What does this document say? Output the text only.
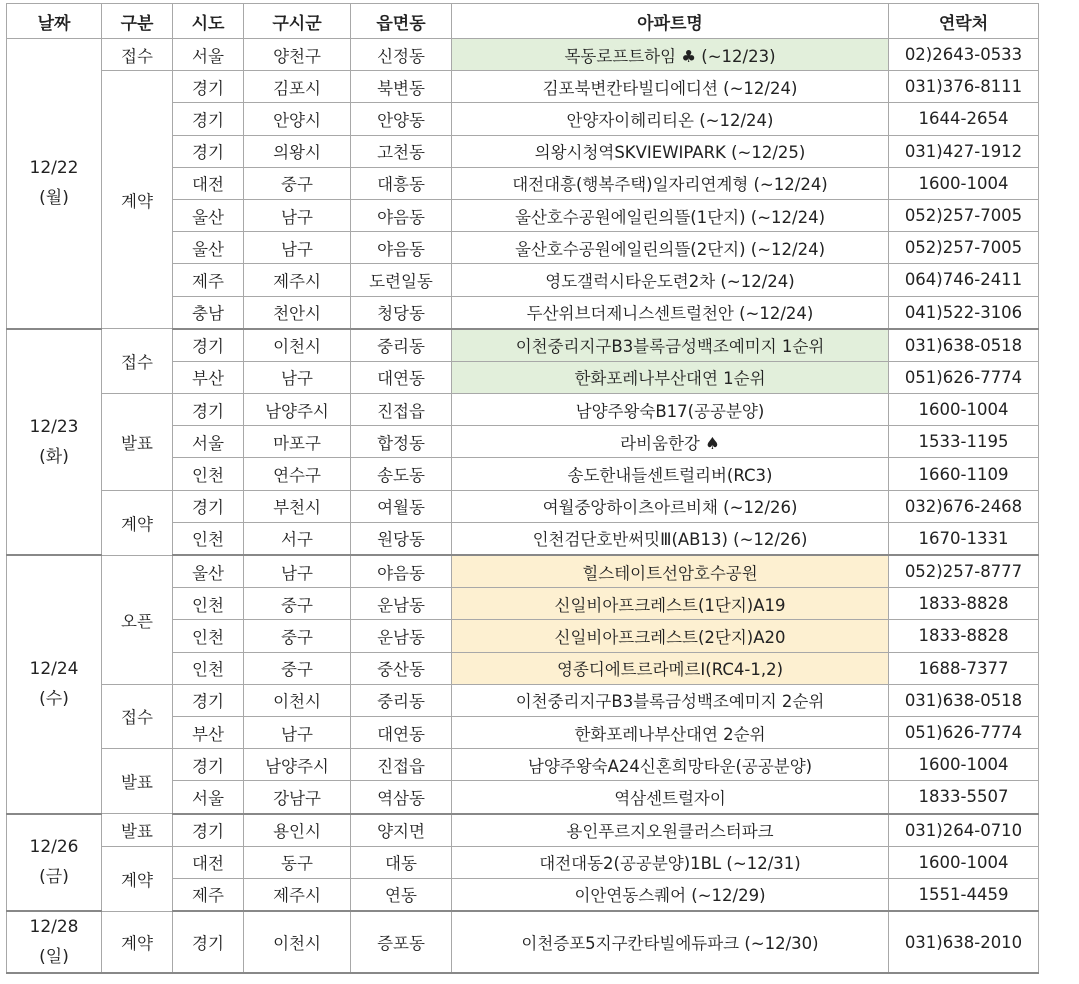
날짜	구분	시도	구시군	읍면동	아파트명	연락처

12/22
(월)	접수	서울	양천구	신정동	목동로프트하임 ♣ (~12/23)	02)2643-0533
	계약	경기	김포시	북변동	김포북변칸타빌디에디션 (~12/24)	031)376-8111
		경기	안양시	안양동	안양자이헤리티온 (~12/24)	1644-2654
		경기	의왕시	고천동	의왕시청역SKVIEWIPARK (~12/25)	031)427-1912
		대전	중구	대흥동	대전대흥(행복주택)일자리연계형 (~12/24)	1600-1004
		울산	남구	야음동	울산호수공원에일린의뜰(1단지) (~12/24)	052)257-7005
		울산	남구	야음동	울산호수공원에일린의뜰(2단지) (~12/24)	052)257-7005
		제주	제주시	도련일동	영도갤럭시타운도련2차 (~12/24)	064)746-2411
		충남	천안시	청당동	두산위브더제니스센트럴천안 (~12/24)	041)522-3106

12/23
(화)	접수	경기	이천시	중리동	이천중리지구B3블록금성백조예미지 1순위	031)638-0518
		부산	남구	대연동	한화포레나부산대연 1순위	051)626-7774
	발표	경기	남양주시	진접읍	남양주왕숙B17(공공분양)	1600-1004
		서울	마포구	합정동	라비움한강 ♠	1533-1195
		인천	연수구	송도동	송도한내들센트럴리버(RC3)	1660-1109
	계약	경기	부천시	여월동	여월중앙하이츠아르비채 (~12/26)	032)676-2468
		인천	서구	원당동	인천검단호반써밋Ⅲ(AB13) (~12/26)	1670-1331

12/24
(수)	오픈	울산	남구	야음동	힐스테이트선암호수공원	052)257-8777
		인천	중구	운남동	신일비아프크레스트(1단지)A19	1833-8828
		인천	중구	운남동	신일비아프크레스트(2단지)A20	1833-8828
		인천	중구	중산동	영종디에트르라메르Ⅰ(RC4-1,2)	1688-7377
	접수	경기	이천시	중리동	이천중리지구B3블록금성백조예미지 2순위	031)638-0518
		부산	남구	대연동	한화포레나부산대연 2순위	051)626-7774
	발표	경기	남양주시	진접읍	남양주왕숙A24신혼희망타운(공공분양)	1600-1004
		서울	강남구	역삼동	역삼센트럴자이	1833-5507

12/26
(금)	발표	경기	용인시	양지면	용인푸르지오원클러스터파크	031)264-0710
	계약	대전	동구	대동	대전대동2(공공분양)1BL (~12/31)	1600-1004
		제주	제주시	연동	이안연동스퀘어 (~12/29)	1551-4459

12/28
(일)	계약	경기	이천시	증포동	이천증포5지구칸타빌에듀파크 (~12/30)	031)638-2010
